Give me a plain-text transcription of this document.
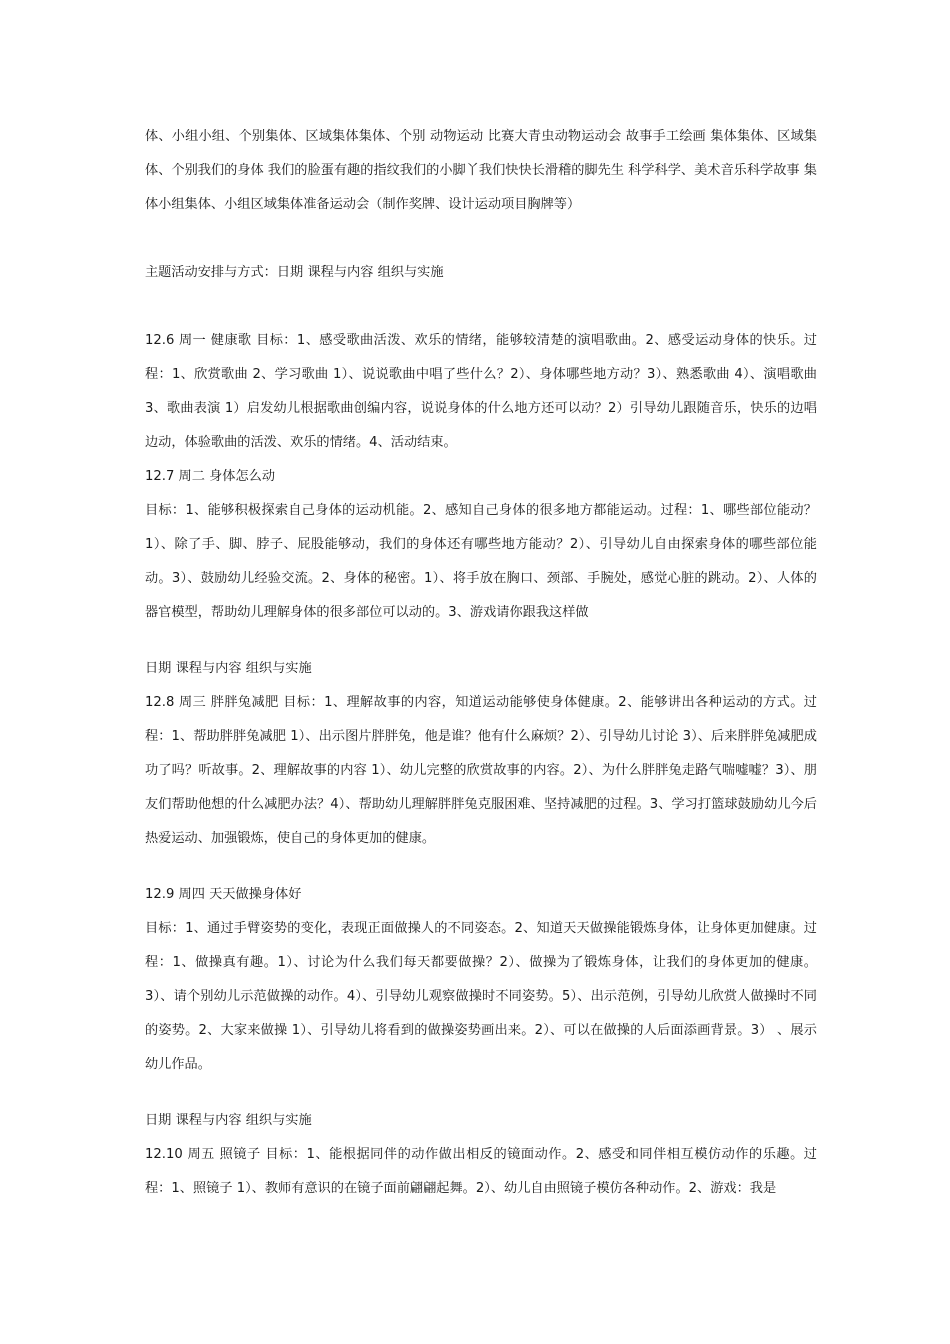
体、小组小组、个别集体、区域集体集体、个别 动物运动 比赛大青虫动物运动会 故事手工绘画 集体集体、区域集体、个别我们的身体 我们的脸蛋有趣的指纹我们的小脚丫我们快快长滑稽的脚先生 科学科学、美术音乐科学故事 集体小组集体、小组区域集体准备运动会（制作奖牌、设计运动项目胸牌等）

主题活动安排与方式：日期 课程与内容 组织与实施

12.6 周一 健康歌 目标：1、感受歌曲活泼、欢乐的情绪，能够较清楚的演唱歌曲。2、感受运动身体的快乐。过程：1、欣赏歌曲 2、学习歌曲 1）、说说歌曲中唱了些什么？2）、身体哪些地方动？3）、熟悉歌曲 4）、演唱歌曲 3、歌曲表演 1）启发幼儿根据歌曲创编内容，说说身体的什么地方还可以动？2）引导幼儿跟随音乐，快乐的边唱边动，体验歌曲的活泼、欢乐的情绪。4、活动结束。

12.7 周二 身体怎么动

目标：1、能够积极探索自己身体的运动机能。2、感知自己身体的很多地方都能运动。过程：1、哪些部位能动？1）、除了手、脚、脖子、屁股能够动，我们的身体还有哪些地方能动？2）、引导幼儿自由探索身体的哪些部位能动。3）、鼓励幼儿经验交流。2、身体的秘密。1）、将手放在胸口、颈部、手腕处，感觉心脏的跳动。2）、人体的器官模型，帮助幼儿理解身体的很多部位可以动的。3、游戏请你跟我这样做

日期 课程与内容 组织与实施

12.8 周三 胖胖兔减肥 目标：1、理解故事的内容，知道运动能够使身体健康。2、能够讲出各种运动的方式。过程：1、帮助胖胖兔减肥 1）、出示图片胖胖兔，他是谁？他有什么麻烦？2）、引导幼儿讨论 3）、后来胖胖兔减肥成功了吗？听故事。2、理解故事的内容 1）、幼儿完整的欣赏故事的内容。2）、为什么胖胖兔走路气喘嘘嘘？3）、朋友们帮助他想的什么减肥办法？4）、帮助幼儿理解胖胖兔克服困难、坚持减肥的过程。3、学习打篮球鼓励幼儿今后热爱运动、加强锻炼，使自己的身体更加的健康。

12.9 周四 天天做操身体好

目标：1、通过手臂姿势的变化，表现正面做操人的不同姿态。2、知道天天做操能锻炼身体，让身体更加健康。过程：1、做操真有趣。1）、讨论为什么我们每天都要做操？2）、做操为了锻炼身体，让我们的身体更加的健康。3）、请个别幼儿示范做操的动作。4）、引导幼儿观察做操时不同姿势。5）、出示范例，引导幼儿欣赏人做操时不同的姿势。2、大家来做操 1）、引导幼儿将看到的做操姿势画出来。2）、可以在做操的人后面添画背景。3） 、展示幼儿作品。

日期 课程与内容 组织与实施

12.10 周五 照镜子 目标：1、能根据同伴的动作做出相反的镜面动作。2、感受和同伴相互模仿动作的乐趣。过程：1、照镜子 1）、教师有意识的在镜子面前翩翩起舞。2）、幼儿自由照镜子模仿各种动作。2、游戏：我是
